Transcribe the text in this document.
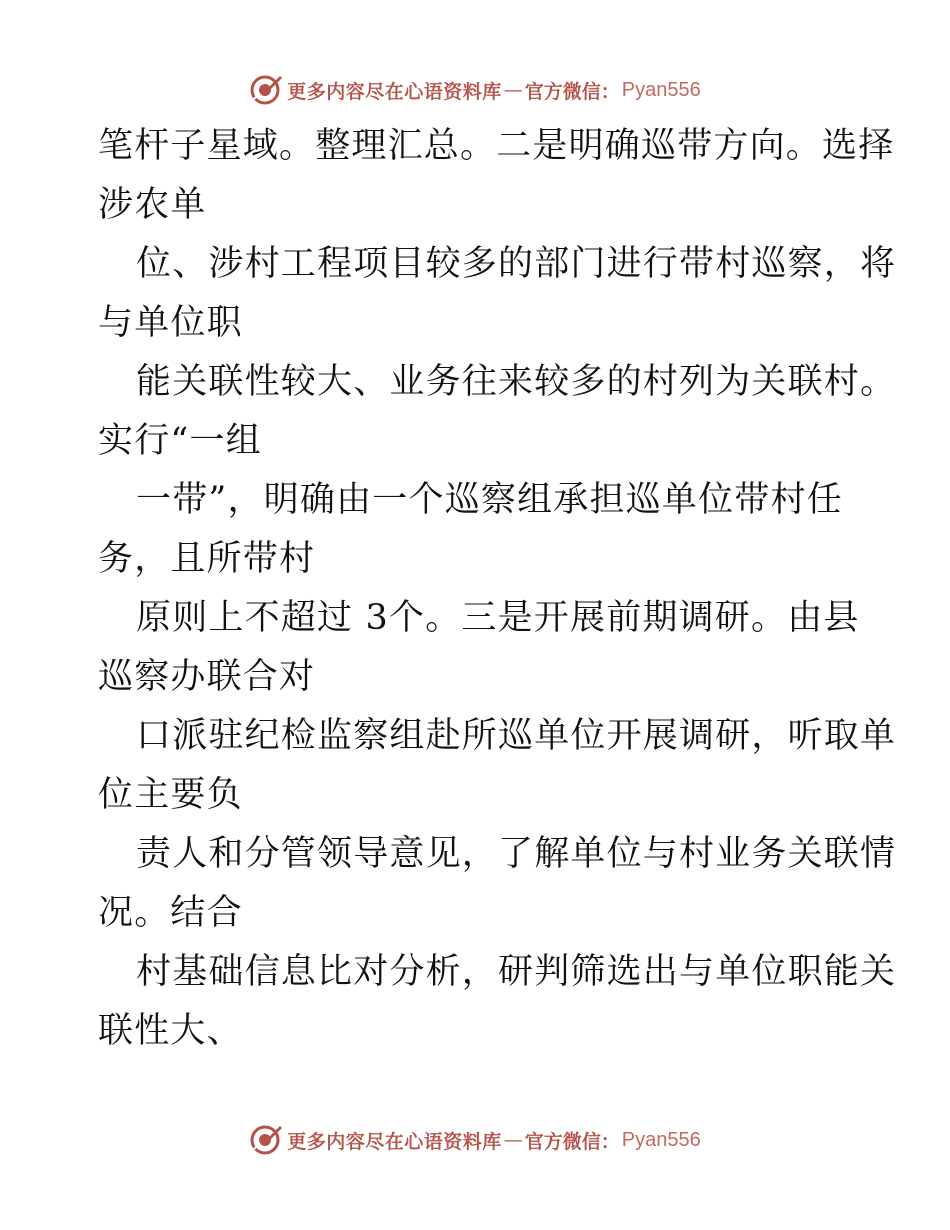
更多内容尽在心语资料库 — 官方微信： Pyan556
笔杆子星域。整理汇总。二是明确巡带方向。选择
涉农单
位、涉村工程项目较多的部门进行带村巡察，将
与单位职
能关联性较大、业务往来较多的村列为关联村。
实行“一组
一带”，明确由一个巡察组承担巡单位带村任
务，且所带村
原则上不超过 3个。三是开展前期调研。由县
巡察办联合对
口派驻纪检监察组赴所巡单位开展调研，听取单
位主要负
责人和分管领导意见，了解单位与村业务关联情
况。结合
村基础信息比对分析，研判筛选出与单位职能关
联性大、
更多内容尽在心语资料库 — 官方微信： Pyan556
